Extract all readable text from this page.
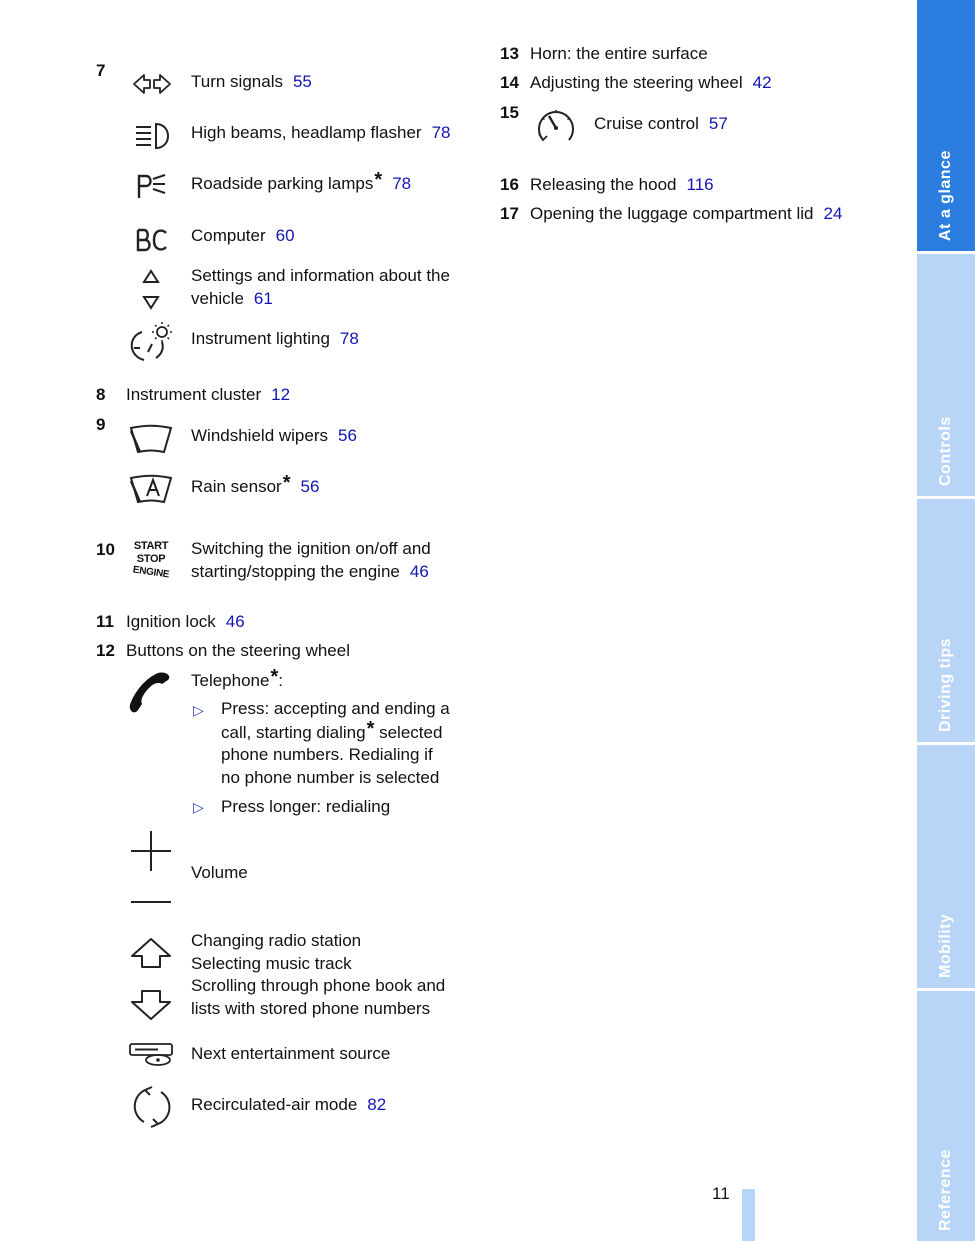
7
Turn signals 55
High beams, headlamp flasher 78
Roadside parking lamps* 78
Computer 60
Settings and information about the
vehicle 61
Instrument lighting 78
8 Instrument cluster 12
9
Windshield wipers 56
Rain sensor* 56
10	START
STOP
ENGINE
Switching the ignition on/off and
starting/stopping the engine 46
11 Ignition lock 46
12 Buttons on the steering wheel
Telephone*:
▷ Press: accepting and ending a
call, starting dialing* selected
phone numbers. Redialing if
no phone number is selected
▷ Press longer: redialing
Volume
Changing radio station
Selecting music track
Scrolling through phone book and
lists with stored phone numbers
Next entertainment source
Recirculated-air mode 82
13 Horn: the entire surface
14 Adjusting the steering wheel 42
15
Cruise control 57
16 Releasing the hood 116
17 Opening the luggage compartment lid 24
11
At a glance
Controls
Driving tips
Mobility
Reference
